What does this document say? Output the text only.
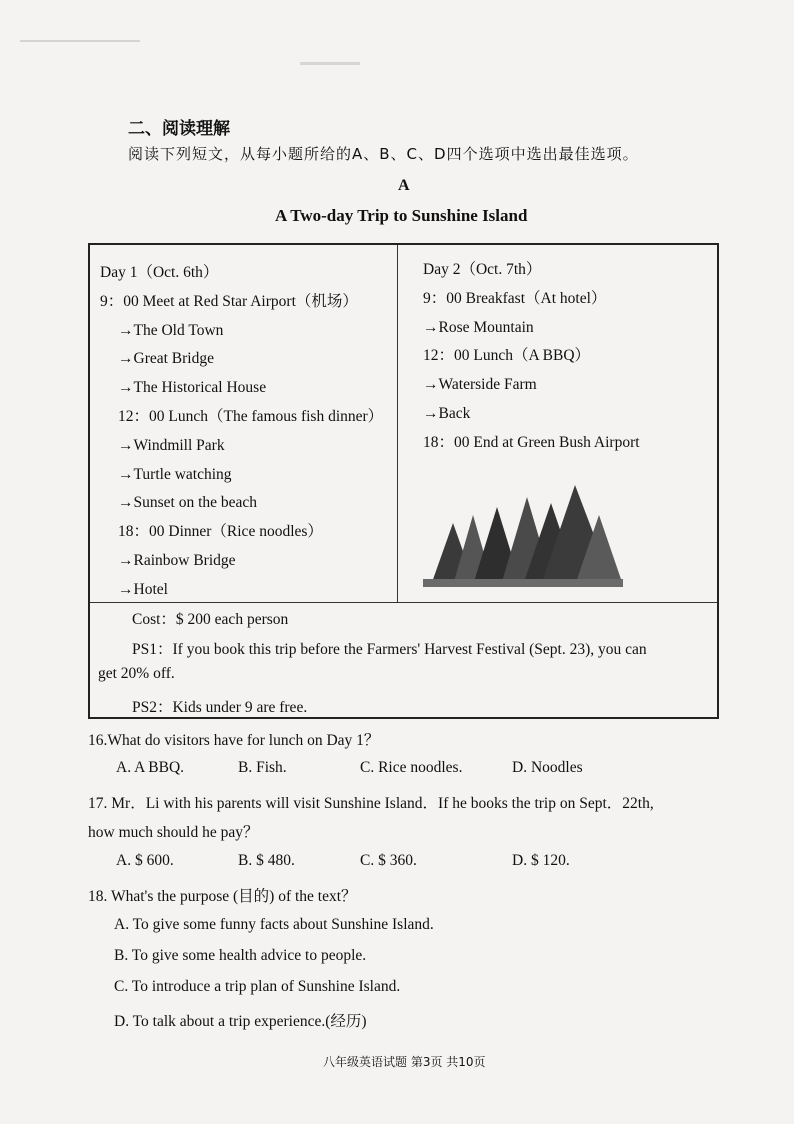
二、阅读理解
阅读下列短文，从每小题所给的A、B、C、D四个选项中选出最佳选项。
A
A Two-day Trip to Sunshine Island
Day 1（Oct. 6th）
9：00 Meet at Red Star Airport（机场）
→The Old Town
→Great Bridge
→The Historical House
12：00 Lunch（The famous fish dinner）
→Windmill Park
→Turtle watching
→Sunset on the beach
18：00 Dinner（Rice noodles）
→Rainbow Bridge
→Hotel
Day 2（Oct. 7th）
9：00 Breakfast（At hotel）
→Rose Mountain
12：00 Lunch（A BBQ）
→Waterside Farm
→Back
18：00 End at Green Bush Airport
Cost：$ 200 each person
PS1：If you book this trip before the Farmers' Harvest Festival (Sept. 23), you can
get 20% off.
PS2：Kids under 9 are free.
16.What do visitors have for lunch on Day 1？
A. A BBQ.	B. Fish.	C. Rice noodles.	D. Noodles
17. Mr．Li with his parents will visit Sunshine Island．If he books the trip on Sept．22th,
how much should he pay？
A. $ 600.	B. $ 480.	C. $ 360.	D. $ 120.
18. What's the purpose (目的) of the text？
A. To give some funny facts about Sunshine Island.
B. To give some health advice to people.
C. To introduce a trip plan of Sunshine Island.
D. To talk about a trip experience.(经历)
八年级英语试题 第3页 共10页
